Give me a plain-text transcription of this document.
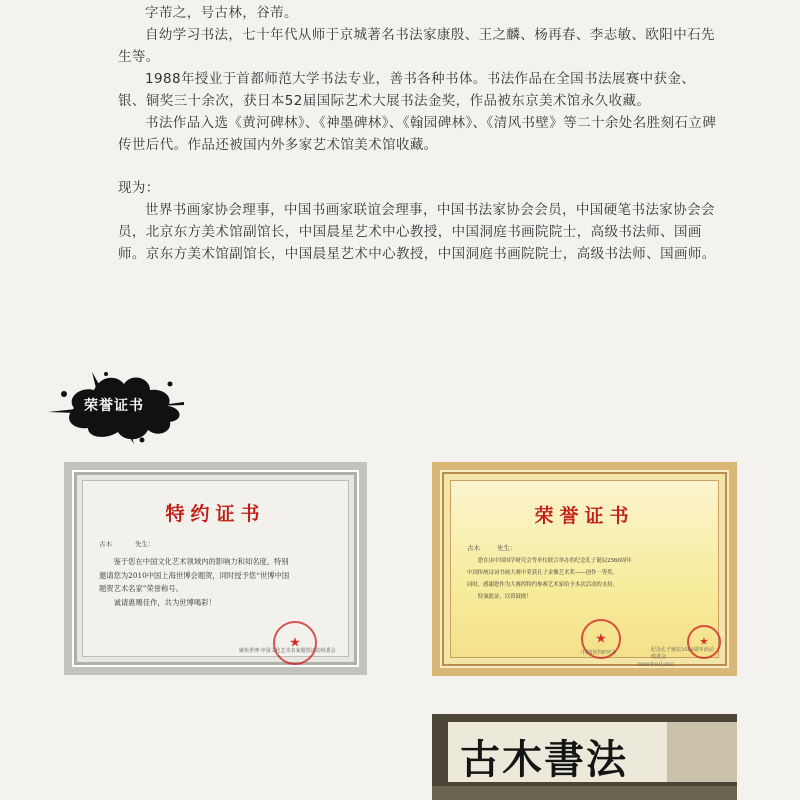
字芾之，号古林，谷芾。

自幼学习书法，七十年代从师于京城著名书法家康殷、王之麟、杨再春、李志敏、欧阳中石先生等。

1988年授业于首都师范大学书法专业，善书各种书体。书法作品在全国书法展赛中获金、银、铜奖三十余次，获日本52届国际艺术大展书法金奖，作品被东京美术馆永久收藏。

书法作品入选《黄河碑林》、《神墨碑林》、《翰园碑林》、《清风书壁》等二十余处名胜刻石立碑传世后代。作品还被国内外多家艺术馆美术馆收藏。

现为：

世界书画家协会理事，中国书画家联谊会理事，中国书法家协会会员，中国硬笔书法家协会会员，北京东方美术馆副馆长，中国晨星艺术中心教授，中国洞庭书画院院士，高级书法师、国画师。京东方美术馆副馆长，中国晨星艺术中心教授，中国洞庭书画院院士，高级书法师、国画师。

荣誉证书
特约证书
古木	先生：
鉴于您在中国文化艺术领域内的影响力和知名度，特别
邀请您为2010中国上海世博会题贺，同时授予您“世博中国
题贺艺术名家”荣誉称号。
诚请惠赐佳作，共为世博喝彩！
★
聚焦世博·中国文化艺术名家题贺活动组委会
荣誉证书
古木	先生：
您在由中国国学研究会等单位联合举办的纪念孔子诞辰2560周年
中国传统诗词书画大赛中荣获孔子金像艺术奖——创作一等奖。
同时，感谢您作为大赛的特约参赛艺术家给予本次活动的支持，
特颁此证，以资鼓励！
★	★
中国国学研究会	纪念孔子诞辰2560周年活动组委会
2009年9月28日
古木書法
